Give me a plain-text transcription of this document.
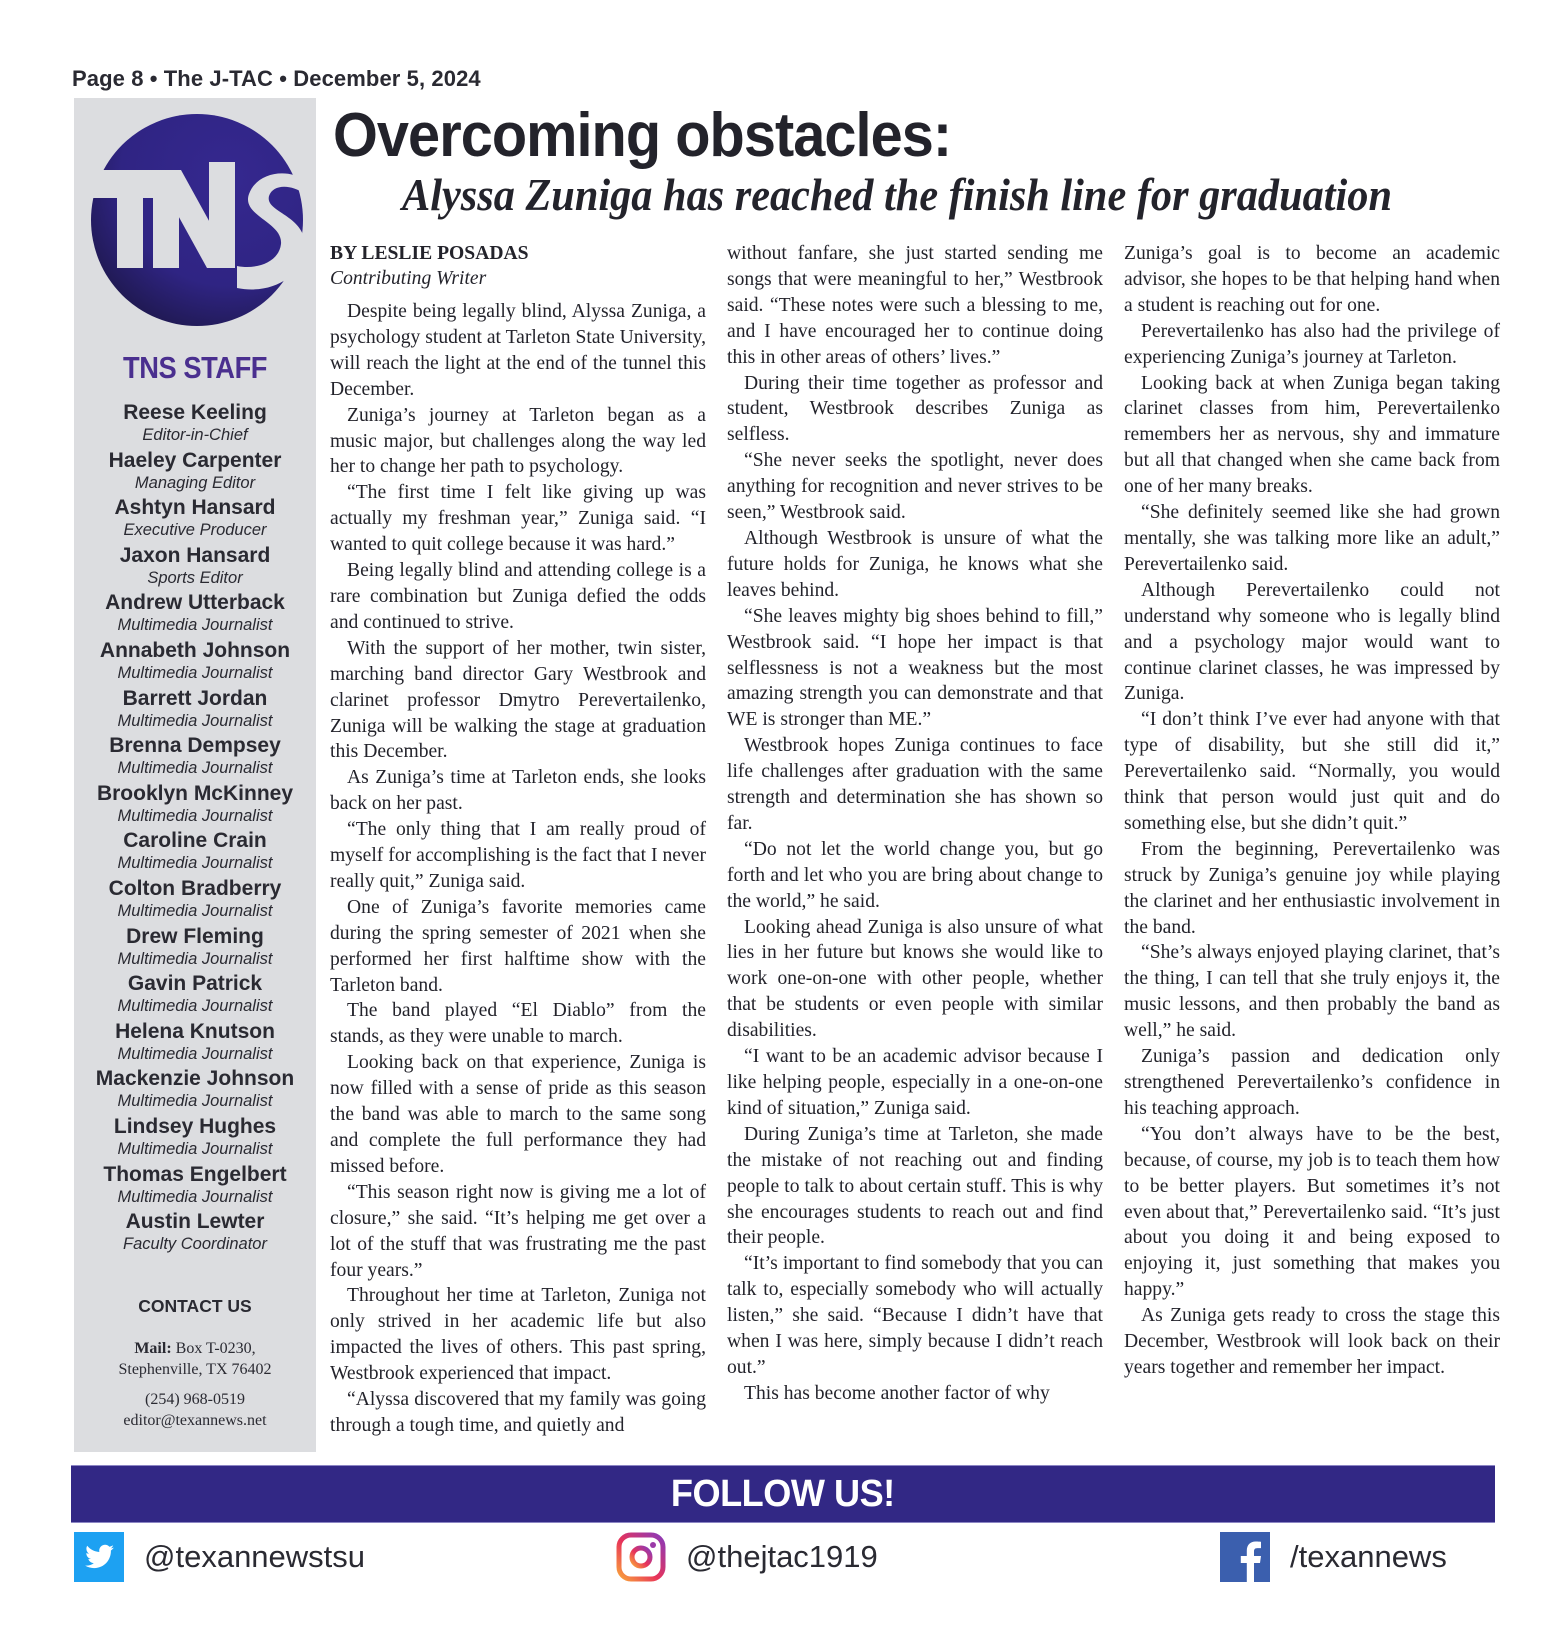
Page 8 • The J-TAC • December 5, 2024
TNS STAFF
Reese Keeling
Editor-in-Chief
Haeley Carpenter
Managing Editor
Ashtyn Hansard
Executive Producer
Jaxon Hansard
Sports Editor
Andrew Utterback
Multimedia Journalist
Annabeth Johnson
Multimedia Journalist
Barrett Jordan
Multimedia Journalist
Brenna Dempsey
Multimedia Journalist
Brooklyn McKinney
Multimedia Journalist
Caroline Crain
Multimedia Journalist
Colton Bradberry
Multimedia Journalist
Drew Fleming
Multimedia Journalist
Gavin Patrick
Multimedia Journalist
Helena Knutson
Multimedia Journalist
Mackenzie Johnson
Multimedia Journalist
Lindsey Hughes
Multimedia Journalist
Thomas Engelbert
Multimedia Journalist
Austin Lewter
Faculty Coordinator
CONTACT US
Mail: Box T-0230,
Stephenville, TX 76402
(254) 968-0519
editor@texannews.net
Overcoming obstacles:
Alyssa Zuniga has reached the finish line for graduation
BY LESLIE POSADAS
Contributing Writer

Despite being legally blind, Alyssa Zuniga, a psychology student at Tarleton State University, will reach the light at the end of the tunnel this December.

Zuniga’s journey at Tarleton began as a music major, but challenges along the way led her to change her path to psychology.

“The first time I felt like giving up was actually my freshman year,” Zuniga said. “I wanted to quit college because it was hard.”

Being legally blind and attending college is a rare combination but Zuniga defied the odds and continued to strive.

With the support of her mother, twin sister, marching band director Gary Westbrook and clarinet professor Dmytro Perevertailenko, Zuniga will be walking the stage at graduation this December.

As Zuniga’s time at Tarleton ends, she looks back on her past.

“The only thing that I am really proud of myself for accomplishing is the fact that I never really quit,” Zuniga said.

One of Zuniga’s favorite memories came during the spring semester of 2021 when she performed her first halftime show with the Tarleton band.

The band played “El Diablo” from the stands, as they were unable to march.

Looking back on that experience, Zuniga is now filled with a sense of pride as this season the band was able to march to the same song and complete the full performance they had missed before.

“This season right now is giving me a lot of closure,” she said. “It’s helping me get over a lot of the stuff that was frustrating me the past four years.”

Throughout her time at Tarleton, Zuniga not only strived in her academic life but also impacted the lives of others. This past spring, Westbrook experienced that impact.

“Alyssa discovered that my family was going through a tough time, and quietly and

without fanfare, she just started sending me songs that were meaningful to her,” Westbrook said. “These notes were such a blessing to me, and I have encouraged her to continue doing this in other areas of others’ lives.”

During their time together as professor and student, Westbrook describes Zuniga as selfless.

“She never seeks the spotlight, never does anything for recognition and never strives to be seen,” Westbrook said.

Although Westbrook is unsure of what the future holds for Zuniga, he knows what she leaves behind.

“She leaves mighty big shoes behind to fill,” Westbrook said. “I hope her impact is that selflessness is not a weakness but the most amazing strength you can demonstrate and that WE is stronger than ME.”

Westbrook hopes Zuniga continues to face life challenges after graduation with the same strength and determination she has shown so far.

“Do not let the world change you, but go forth and let who you are bring about change to the world,” he said.

Looking ahead Zuniga is also unsure of what lies in her future but knows she would like to work one-on-one with other people, whether that be students or even people with similar disabilities.

“I want to be an academic advisor because I like helping people, especially in a one-on-one kind of situation,” Zuniga said.

During Zuniga’s time at Tarleton, she made the mistake of not reaching out and finding people to talk to about certain stuff. This is why she encourages students to reach out and find their people.

“It’s important to find somebody that you can talk to, especially somebody who will actually listen,” she said. “Because I didn’t have that when I was here, simply because I didn’t reach out.”

This has become another factor of why

Zuniga’s goal is to become an academic advisor, she hopes to be that helping hand when a student is reaching out for one.

Perevertailenko has also had the privilege of experiencing Zuniga’s journey at Tarleton.

Looking back at when Zuniga began taking clarinet classes from him, Perevertailenko remembers her as nervous, shy and immature but all that changed when she came back from one of her many breaks.

“She definitely seemed like she had grown mentally, she was talking more like an adult,” Perevertailenko said.

Although Perevertailenko could not understand why someone who is legally blind and a psychology major would want to continue clarinet classes, he was impressed by Zuniga.

“I don’t think I’ve ever had anyone with that type of disability, but she still did it,” Perevertailenko said. “Normally, you would think that person would just quit and do something else, but she didn’t quit.”

From the beginning, Perevertailenko was struck by Zuniga’s genuine joy while playing the clarinet and her enthusiastic involvement in the band.

“She’s always enjoyed playing clarinet, that’s the thing, I can tell that she truly enjoys it, the music lessons, and then probably the band as well,” he said.

Zuniga’s passion and dedication only strengthened Perevertailenko’s confidence in his teaching approach.

“You don’t always have to be the best, because, of course, my job is to teach them how to be better players. But sometimes it’s not even about that,” Perevertailenko said. “It’s just about you doing it and being exposed to enjoying it, just something that makes you happy.”

As Zuniga gets ready to cross the stage this December, Westbrook will look back on their years together and remember her impact.

FOLLOW US!
@texannewstsu	@thejtac1919	/texannews
